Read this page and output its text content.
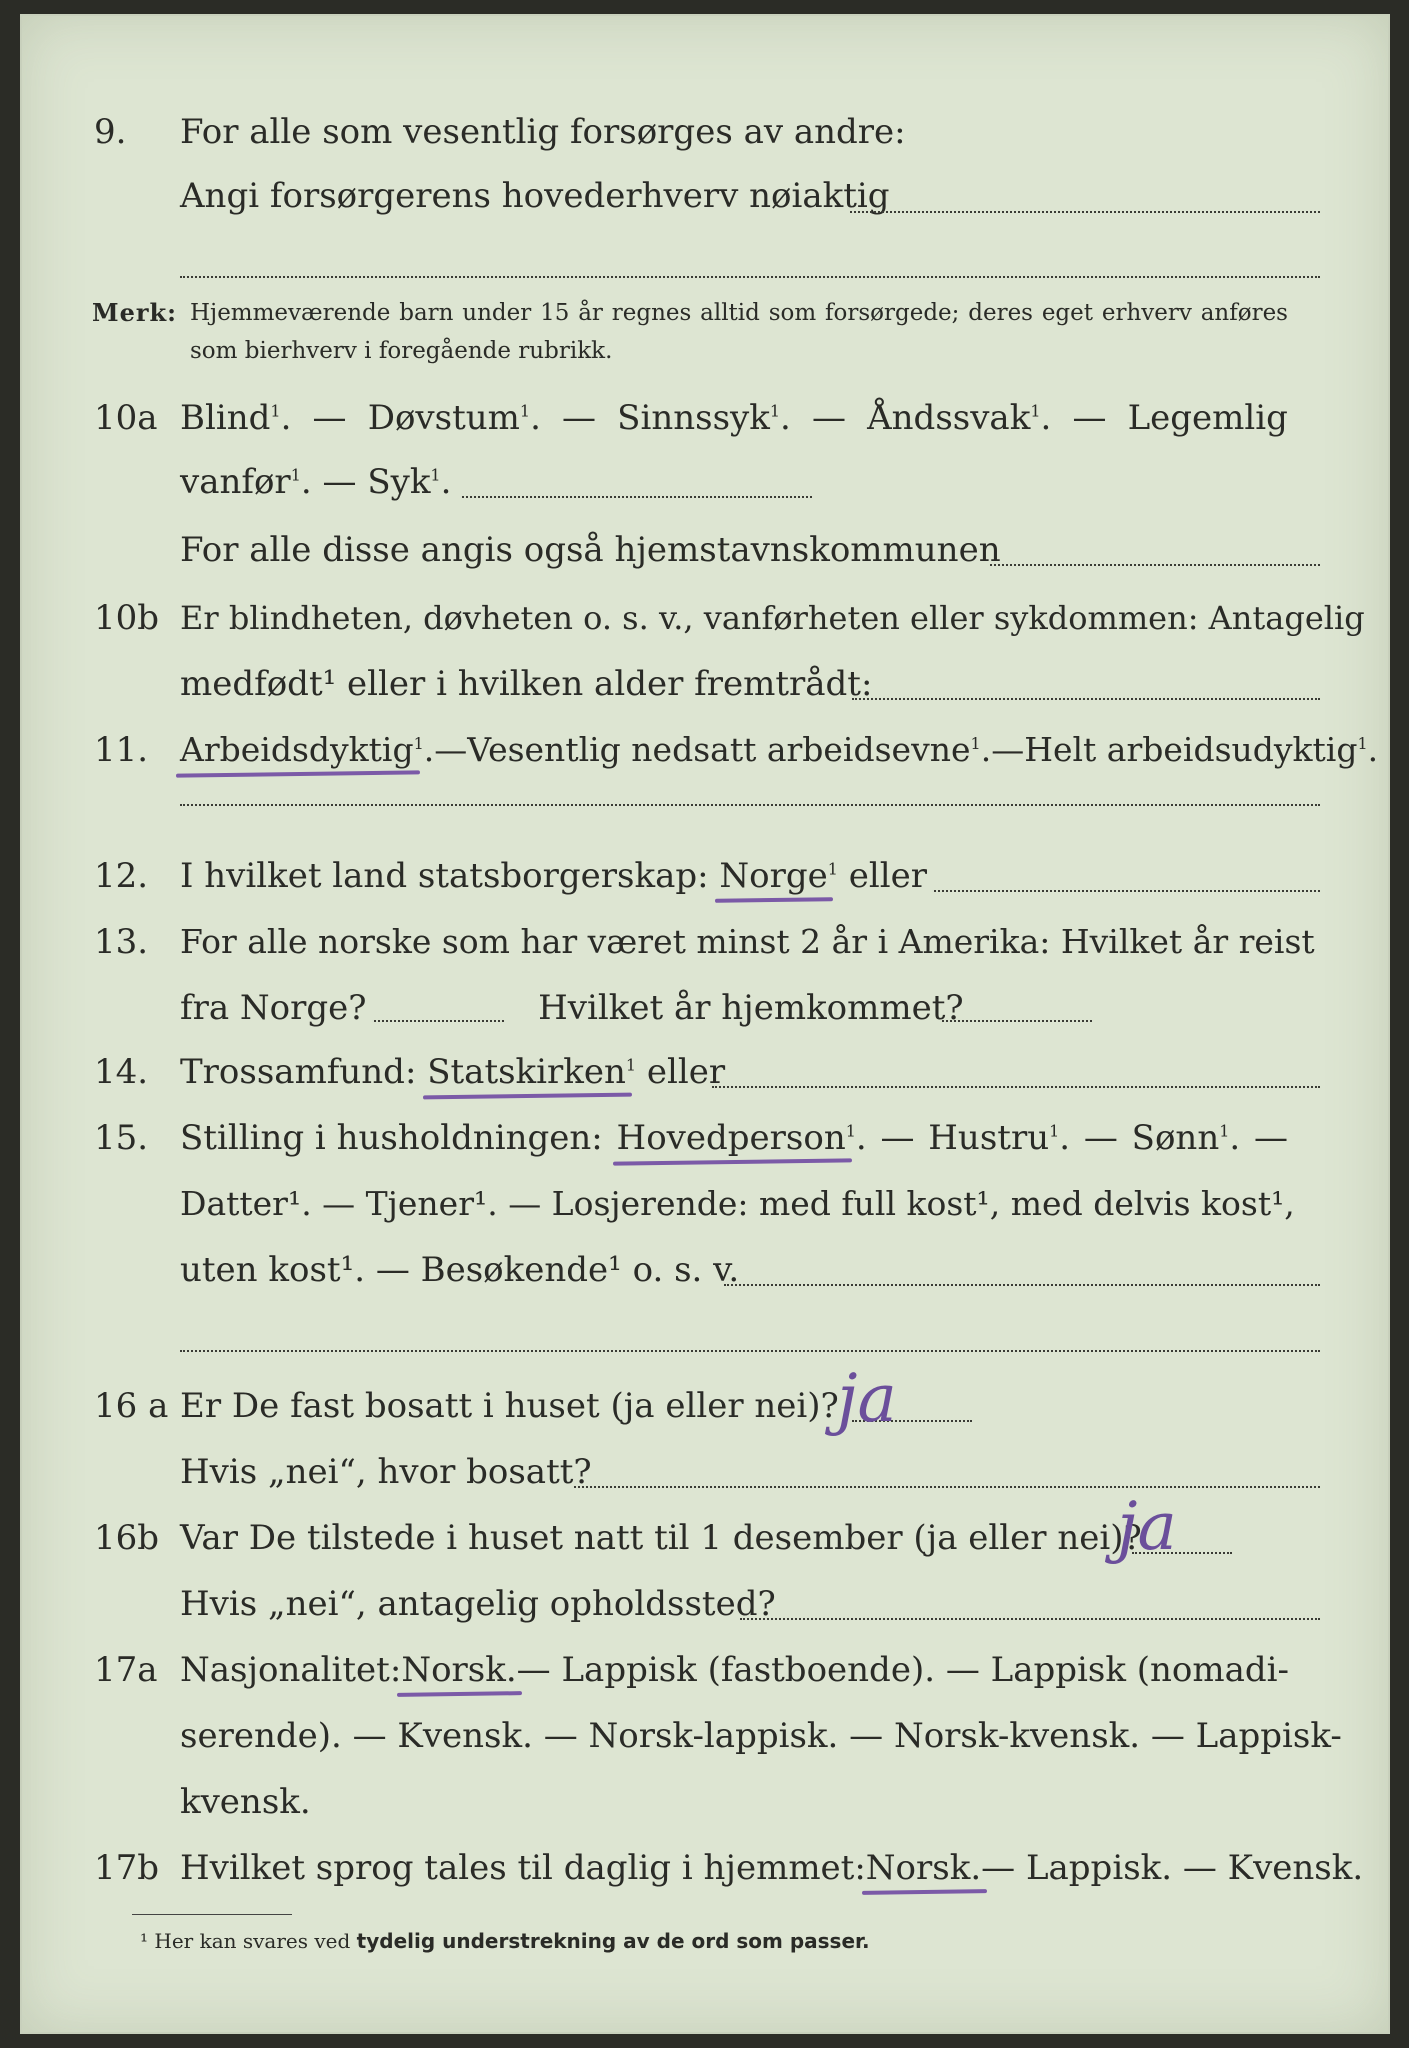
9. For alle som vesentlig forsørges av andre:
Angi forsørgerens hovederhverv nøiaktig
Merk: Hjemmeværende barn under 15 år regnes alltid som forsørgede; deres eget erhverv anføres som bierhverv i foregående rubrikk.
10a Blind$^1$. — Døvstum$^1$. — Sinnssyk$^1$. — Åndssvak$^1$. — Legemlig
vanfør$^1$. — Syk$^1$.
For alle disse angis også hjemstavnskommunen
10b Er blindheten, døvheten o. s. v., vanførheten eller sykdommen: Antagelig
medfødt¹ eller i hvilken alder fremtrådt:
11. Arbeidsdyktig$^1$. — Vesentlig nedsatt arbeidsevne$^1$. — Helt arbeidsudyktig$^1$.
12. I hvilket land statsborgerskap: Norge$^1$ eller
13. For alle norske som har været minst 2 år i Amerika: Hvilket år reist
fra Norge?	Hvilket år hjemkommet?
14. Trossamfund: Statskirken$^1$ eller
15. Stilling i husholdningen: Hovedperson$^1$. — Hustru$^1$. — Sønn$^1$. —
Datter¹. — Tjener¹. — Losjerende: med full kost¹, med delvis kost¹,
uten kost¹. — Besøkende¹ o. s. v.
16 a Er De fast bosatt i huset (ja eller nei)?
ja
Hvis „nei“, hvor bosatt?
16b Var De tilstede i huset natt til 1 desember (ja eller nei)?
ja
Hvis „nei“, antagelig opholdssted?
17a Nasjonalitet: Norsk. — Lappisk (fastboende). — Lappisk (nomadi-
serende). — Kvensk. — Norsk-lappisk. — Norsk-kvensk. — Lappisk-
kvensk.
17b Hvilket sprog tales til daglig i hjemmet: Norsk. — Lappisk. — Kvensk.
¹ Her kan svares ved tydelig understrekning av de ord som passer.
